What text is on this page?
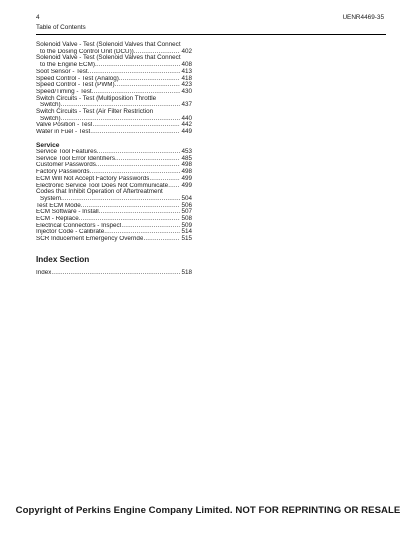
4	UENR4469-35
Table of Contents
Solenoid Valve - Test (Solenoid Valves that Connect
to the Dosing Control Unit (DCU)) . . .	402
Solenoid Valve - Test (Solenoid Valves that Connect
to the Engine ECM) . . .	408
Soot Sensor - Test . . .	413
Speed Control - Test (Analog) . . .	418
Speed Control - Test (PWM) . . .	423
Speed/Timing - Test . . .	430
Switch Circuits - Test (Multiposition Throttle
Switch) . . .	437
Switch Circuits - Test (Air Filter Restriction
Switch) . . .	440
Valve Position - Test . . .	442
Water in Fuel - Test . . .	449
Service
Service Tool Features . . .	453
Service Tool Error Identifiers . . .	485
Customer Passwords . . .	498
Factory Passwords . . .	498
ECM Will Not Accept Factory Passwords . . .	499
Electronic Service Tool Does Not Communicate . . . 499
Codes that Inhibit Operation of Aftertreatment
System . . .	504
Test ECM Mode . . .	506
ECM Software - Install . . .	507
ECM - Replace . . .	508
Electrical Connectors - Inspect . . .	509
Injector Code - Calibrate . . .	514
SCR Inducement Emergency Override . . .	515
Index Section
Index . . .	518
Copyright of Perkins Engine Company Limited. NOT FOR REPRINTING OR RESALE
